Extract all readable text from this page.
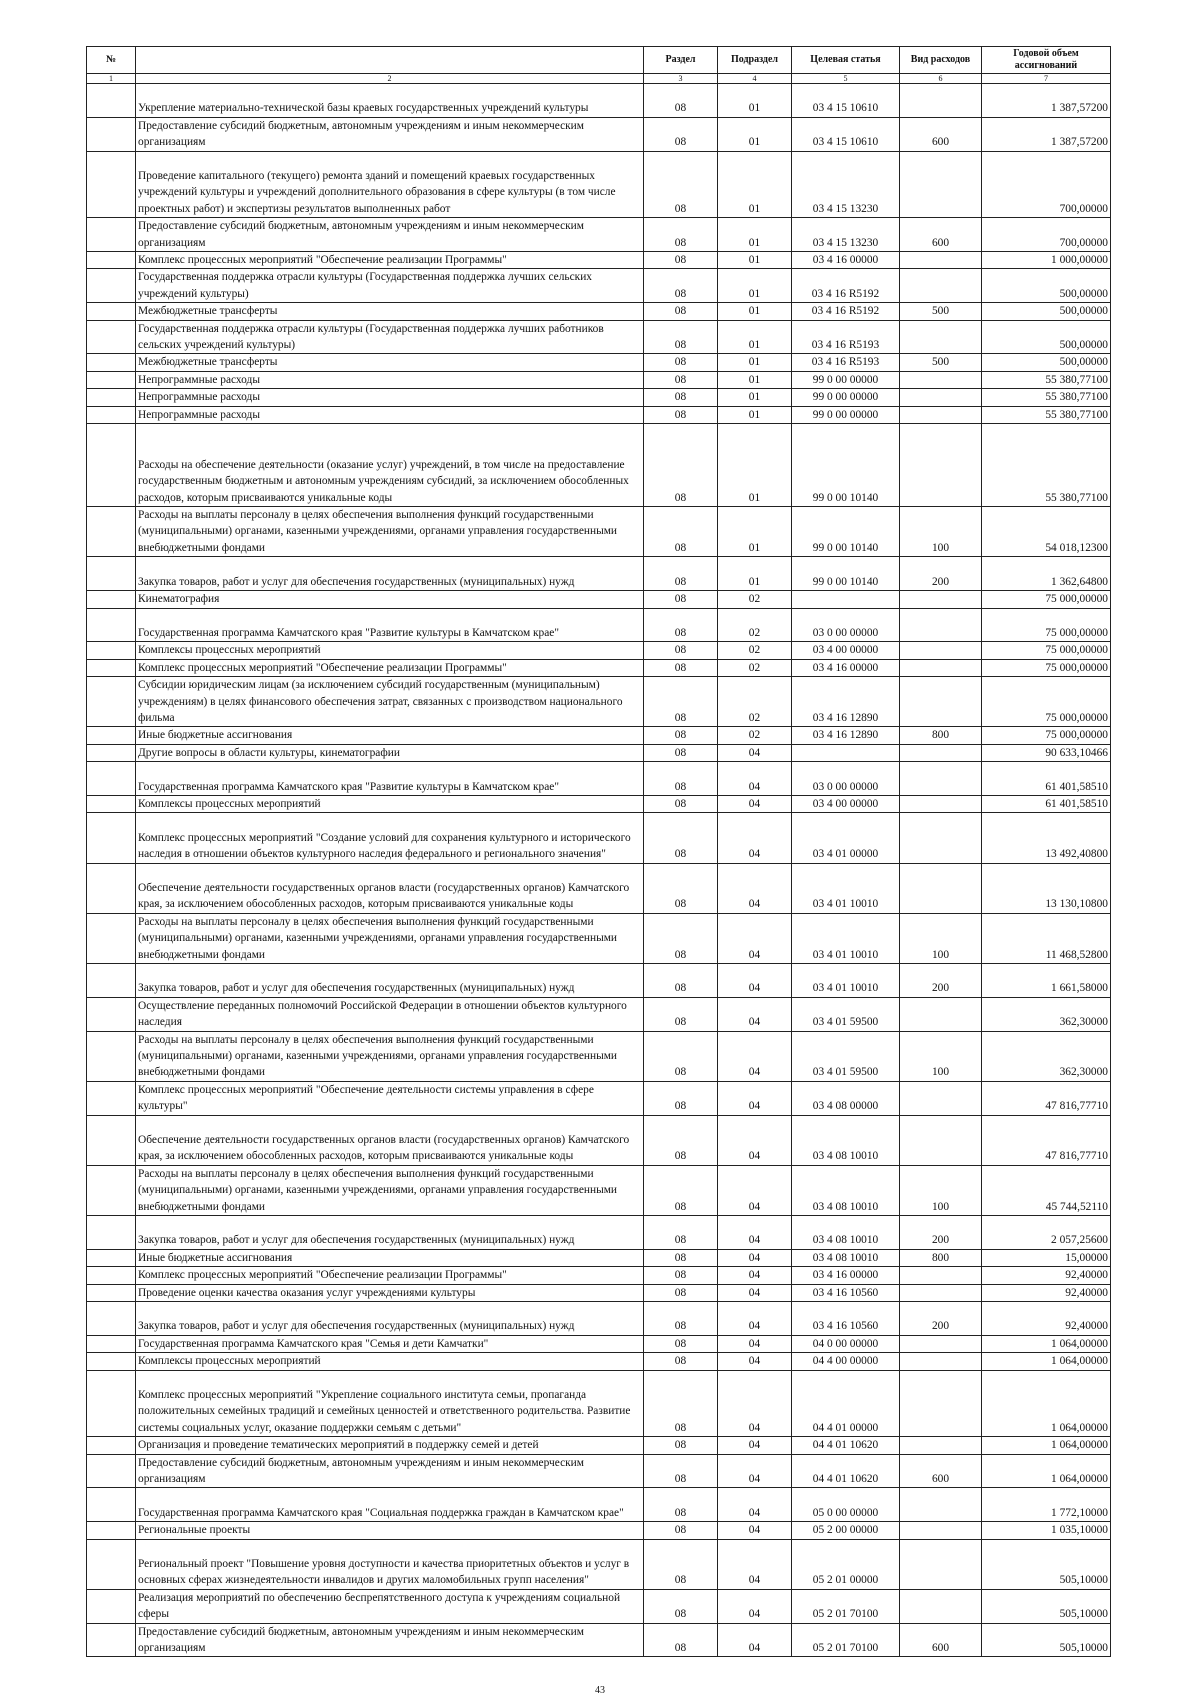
№		Раздел	Подраздел	Целевая статья	Вид расходов	Годовой объем ассигнований
1	2	3	4	5	6	7
	Укрепление материально-технической базы краевых государственных учреждений культуры	08	01	03 4 15 10610		1 387,57200
	Предоставление субсидий бюджетным, автономным учреждениям и иным некоммерческим организациям	08	01	03 4 15 10610	600	1 387,57200
	Проведение капитального (текущего) ремонта зданий и помещений краевых государственных учреждений культуры и учреждений дополнительного образования в сфере культуры (в том числе проектных работ) и экспертизы результатов выполненных работ	08	01	03 4 15 13230		700,00000
	Предоставление субсидий бюджетным, автономным учреждениям и иным некоммерческим организациям	08	01	03 4 15 13230	600	700,00000
	Комплекс процессных мероприятий "Обеспечение реализации Программы"	08	01	03 4 16 00000		1 000,00000
	Государственная поддержка отрасли культуры (Государственная поддержка лучших сельских учреждений культуры)	08	01	03 4 16 R5192		500,00000
	Межбюджетные трансферты	08	01	03 4 16 R5192	500	500,00000
	Государственная поддержка отрасли культуры (Государственная поддержка лучших работников сельских учреждений культуры)	08	01	03 4 16 R5193		500,00000
	Межбюджетные трансферты	08	01	03 4 16 R5193	500	500,00000
	Непрограммные расходы	08	01	99 0 00 00000		55 380,77100
	Непрограммные расходы	08	01	99 0 00 00000		55 380,77100
	Непрограммные расходы	08	01	99 0 00 00000		55 380,77100
	Расходы на обеспечение деятельности (оказание услуг) учреждений, в том числе на предоставление государственным бюджетным и автономным учреждениям субсидий, за исключением обособленных расходов, которым присваиваются уникальные коды	08	01	99 0 00 10140		55 380,77100
	Расходы на выплаты персоналу в целях обеспечения выполнения функций государственными (муниципальными) органами, казенными учреждениями, органами управления государственными внебюджетными фондами	08	01	99 0 00 10140	100	54 018,12300
	Закупка товаров, работ и услуг для обеспечения государственных (муниципальных) нужд	08	01	99 0 00 10140	200	1 362,64800
	Кинематография	08	02			75 000,00000
	Государственная программа Камчатского края "Развитие культуры в Камчатском крае"	08	02	03 0 00 00000		75 000,00000
	Комплексы процессных мероприятий	08	02	03 4 00 00000		75 000,00000
	Комплекс процессных мероприятий "Обеспечение реализации Программы"	08	02	03 4 16 00000		75 000,00000
	Субсидии юридическим лицам (за исключением субсидий государственным (муниципальным) учреждениям) в целях финансового обеспечения затрат, связанных с производством национального фильма	08	02	03 4 16 12890		75 000,00000
	Иные бюджетные ассигнования	08	02	03 4 16 12890	800	75 000,00000
	Другие вопросы в области культуры, кинематографии	08	04			90 633,10466
	Государственная программа Камчатского края "Развитие культуры в Камчатском крае"	08	04	03 0 00 00000		61 401,58510
	Комплексы процессных мероприятий	08	04	03 4 00 00000		61 401,58510
	Комплекс процессных мероприятий "Создание условий для сохранения культурного и исторического наследия в отношении объектов культурного наследия федерального и регионального значения"	08	04	03 4 01 00000		13 492,40800
	Обеспечение деятельности государственных органов власти (государственных органов) Камчатского края, за исключением обособленных расходов, которым присваиваются уникальные коды	08	04	03 4 01 10010		13 130,10800
	Расходы на выплаты персоналу в целях обеспечения выполнения функций государственными (муниципальными) органами, казенными учреждениями, органами управления государственными внебюджетными фондами	08	04	03 4 01 10010	100	11 468,52800
	Закупка товаров, работ и услуг для обеспечения государственных (муниципальных) нужд	08	04	03 4 01 10010	200	1 661,58000
	Осуществление переданных полномочий Российской Федерации в отношении объектов культурного наследия	08	04	03 4 01 59500		362,30000
	Расходы на выплаты персоналу в целях обеспечения выполнения функций государственными (муниципальными) органами, казенными учреждениями, органами управления государственными внебюджетными фондами	08	04	03 4 01 59500	100	362,30000
	Комплекс процессных мероприятий "Обеспечение деятельности системы управления в сфере культуры"	08	04	03 4 08 00000		47 816,77710
	Обеспечение деятельности государственных органов власти (государственных органов) Камчатского края, за исключением обособленных расходов, которым присваиваются уникальные коды	08	04	03 4 08 10010		47 816,77710
	Расходы на выплаты персоналу в целях обеспечения выполнения функций государственными (муниципальными) органами, казенными учреждениями, органами управления государственными внебюджетными фондами	08	04	03 4 08 10010	100	45 744,52110
	Закупка товаров, работ и услуг для обеспечения государственных (муниципальных) нужд	08	04	03 4 08 10010	200	2 057,25600
	Иные бюджетные ассигнования	08	04	03 4 08 10010	800	15,00000
	Комплекс процессных мероприятий "Обеспечение реализации Программы"	08	04	03 4 16 00000		92,40000
	Проведение оценки качества оказания услуг учреждениями культуры	08	04	03 4 16 10560		92,40000
	Закупка товаров, работ и услуг для обеспечения государственных (муниципальных) нужд	08	04	03 4 16 10560	200	92,40000
	Государственная программа Камчатского края "Семья и дети Камчатки"	08	04	04 0 00 00000		1 064,00000
	Комплексы процессных мероприятий	08	04	04 4 00 00000		1 064,00000
	Комплекс процессных мероприятий "Укрепление социального института семьи, пропаганда положительных семейных традиций и семейных ценностей и ответственного родительства. Развитие системы социальных услуг, оказание поддержки семьям с детьми"	08	04	04 4 01 00000		1 064,00000
	Организация и проведение тематических мероприятий в поддержку семей и детей	08	04	04 4 01 10620		1 064,00000
	Предоставление субсидий бюджетным, автономным учреждениям и иным некоммерческим организациям	08	04	04 4 01 10620	600	1 064,00000
	Государственная программа Камчатского края "Социальная поддержка граждан в Камчатском крае"	08	04	05 0 00 00000		1 772,10000
	Региональные проекты	08	04	05 2 00 00000		1 035,10000
	Региональный проект "Повышение уровня доступности и качества приоритетных объектов и услуг в основных сферах жизнедеятельности инвалидов и других маломобильных групп населения"	08	04	05 2 01 00000		505,10000
	Реализация мероприятий по обеспечению беспрепятственного доступа к учреждениям социальной сферы	08	04	05 2 01 70100		505,10000
	Предоставление субсидий бюджетным, автономным учреждениям и иным некоммерческим организациям	08	04	05 2 01 70100	600	505,10000
43
